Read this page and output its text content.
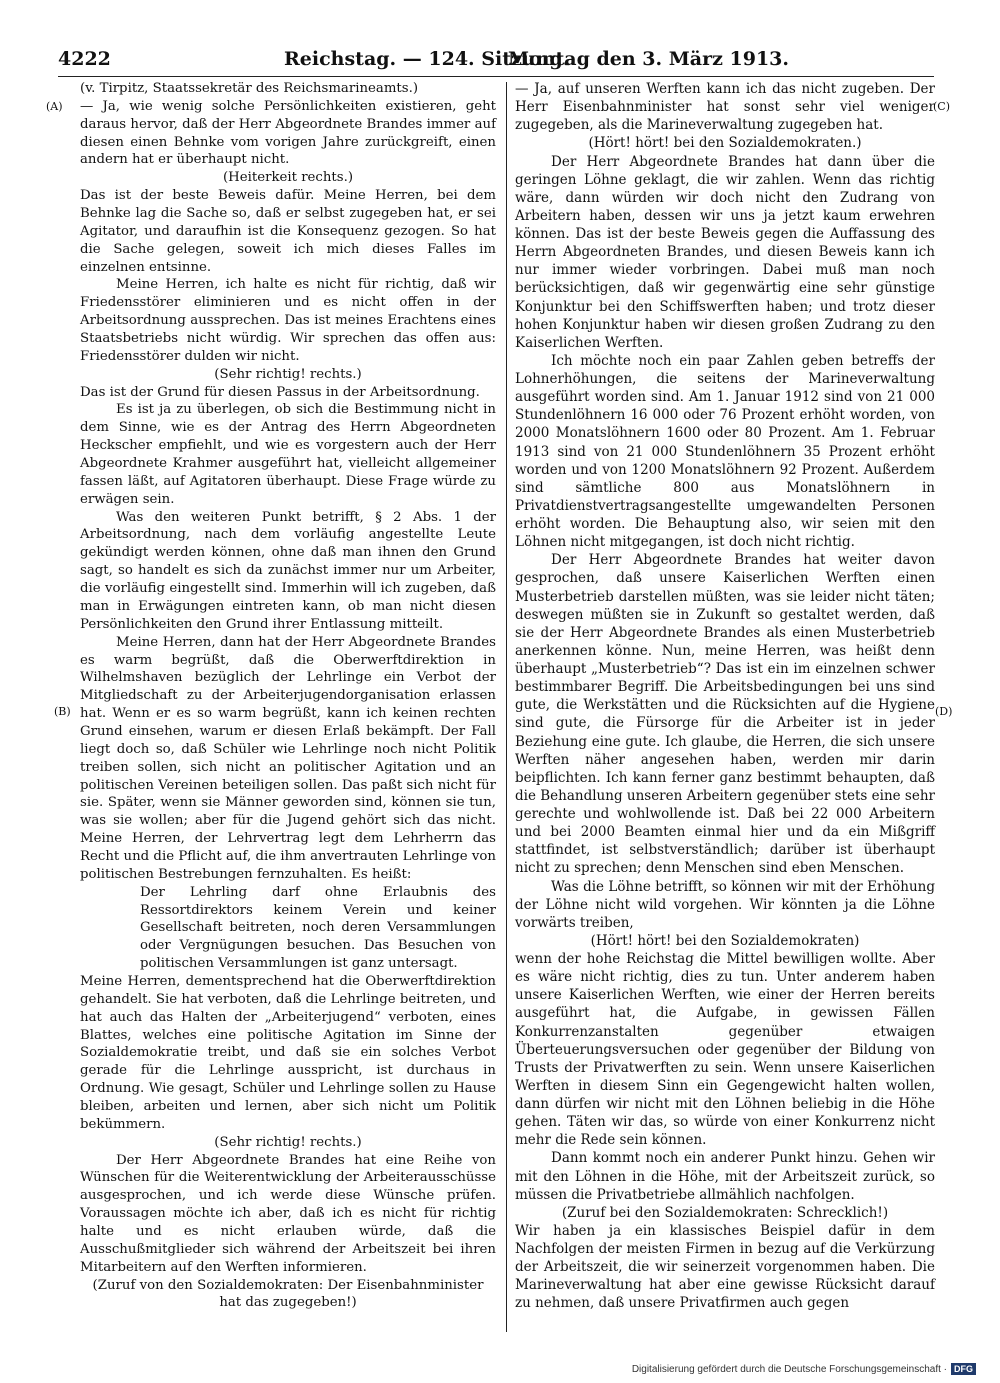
4222	Reichstag. — 124. Sitzung.
Montag den 3. März 1913.
(A)
(B)
(C)
(D)

(v. Tirpitz, Staatssekretär des Reichsmarineamts.)

— Ja, wie wenig solche Persönlichkeiten existieren, geht daraus hervor, daß der Herr Abgeordnete Brandes immer auf diesen einen Behnke vom vorigen Jahre zurückgreift, einen andern hat er überhaupt nicht.

(Heiterkeit rechts.)

Das ist der beste Beweis dafür. Meine Herren, bei dem Behnke lag die Sache so, daß er selbst zugegeben hat, er sei Agitator, und daraufhin ist die Konsequenz gezogen. So hat die Sache gelegen, soweit ich mich dieses Falles im einzelnen entsinne.

Meine Herren, ich halte es nicht für richtig, daß wir Friedensstörer eliminieren und es nicht offen in der Arbeitsordnung aussprechen. Das ist meines Erachtens eines Staatsbetriebs nicht würdig. Wir sprechen das offen aus: Friedensstörer dulden wir nicht.

(Sehr richtig! rechts.)

Das ist der Grund für diesen Passus in der Arbeitsordnung.

Es ist ja zu überlegen, ob sich die Bestimmung nicht in dem Sinne, wie es der Antrag des Herrn Abgeordneten Heckscher empfiehlt, und wie es vorgestern auch der Herr Abgeordnete Krahmer ausgeführt hat, vielleicht allgemeiner fassen läßt, auf Agitatoren überhaupt. Diese Frage würde zu erwägen sein.

Was den weiteren Punkt betrifft, § 2 Abs. 1 der Arbeitsordnung, nach dem vorläufig angestellte Leute gekündigt werden können, ohne daß man ihnen den Grund sagt, so handelt es sich da zunächst immer nur um Arbeiter, die vorläufig eingestellt sind. Immerhin will ich zugeben, daß man in Erwägungen eintreten kann, ob man nicht diesen Persönlichkeiten den Grund ihrer Entlassung mitteilt.

Meine Herren, dann hat der Herr Abgeordnete Brandes es warm begrüßt, daß die Oberwerftdirektion in Wilhelmshaven bezüglich der Lehrlinge ein Verbot der Mitgliedschaft zu der Arbeiterjugendorganisation erlassen hat. Wenn er es so warm begrüßt, kann ich keinen rechten Grund einsehen, warum er diesen Erlaß bekämpft. Der Fall liegt doch so, daß Schüler wie Lehrlinge noch nicht Politik treiben sollen, sich nicht an politischer Agitation und an politischen Vereinen beteiligen sollen. Das paßt sich nicht für sie. Später, wenn sie Männer geworden sind, können sie tun, was sie wollen; aber für die Jugend gehört sich das nicht. Meine Herren, der Lehrvertrag legt dem Lehrherrn das Recht und die Pflicht auf, die ihm anvertrauten Lehrlinge von politischen Bestrebungen fernzuhalten. Es heißt:

Der Lehrling darf ohne Erlaubnis des Ressortdirektors keinem Verein und keiner Gesellschaft beitreten, noch deren Versammlungen oder Vergnügungen besuchen. Das Besuchen von politischen Versammlungen ist ganz untersagt.

Meine Herren, dementsprechend hat die Oberwerftdirektion gehandelt. Sie hat verboten, daß die Lehrlinge beitreten, und hat auch das Halten der „Arbeiterjugend“ verboten, eines Blattes, welches eine politische Agitation im Sinne der Sozialdemokratie treibt, und daß sie ein solches Verbot gerade für die Lehrlinge ausspricht, ist durchaus in Ordnung. Wie gesagt, Schüler und Lehrlinge sollen zu Hause bleiben, arbeiten und lernen, aber sich nicht um Politik bekümmern.

(Sehr richtig! rechts.)

Der Herr Abgeordnete Brandes hat eine Reihe von Wünschen für die Weiterentwicklung der Arbeiterausschüsse ausgesprochen, und ich werde diese Wünsche prüfen. Voraussagen möchte ich aber, daß ich es nicht für richtig halte und es nicht erlauben würde, daß die Ausschußmitglieder sich während der Arbeitszeit bei ihren Mitarbeitern auf den Werften informieren.

(Zuruf von den Sozialdemokraten: Der Eisenbahnminister hat das zugegeben!)

— Ja, auf unseren Werften kann ich das nicht zugeben. Der Herr Eisenbahnminister hat sonst sehr viel weniger zugegeben, als die Marineverwaltung zugegeben hat.

(Hört! hört! bei den Sozialdemokraten.)

Der Herr Abgeordnete Brandes hat dann über die geringen Löhne geklagt, die wir zahlen. Wenn das richtig wäre, dann würden wir doch nicht den Zudrang von Arbeitern haben, dessen wir uns ja jetzt kaum erwehren können. Das ist der beste Beweis gegen die Auffassung des Herrn Abgeordneten Brandes, und diesen Beweis kann ich nur immer wieder vorbringen. Dabei muß man noch berücksichtigen, daß wir gegenwärtig eine sehr günstige Konjunktur bei den Schiffswerften haben; und trotz dieser hohen Konjunktur haben wir diesen großen Zudrang zu den Kaiserlichen Werften.

Ich möchte noch ein paar Zahlen geben betreffs der Lohnerhöhungen, die seitens der Marineverwaltung ausgeführt worden sind. Am 1. Januar 1912 sind von 21 000 Stundenlöhnern 16 000 oder 76 Prozent erhöht worden, von 2000 Monatslöhnern 1600 oder 80 Prozent. Am 1. Februar 1913 sind von 21 000 Stundenlöhnern 35 Prozent erhöht worden und von 1200 Monatslöhnern 92 Prozent. Außerdem sind sämtliche 800 aus Monatslöhnern in Privatdienstvertragsangestellte umgewandelten Personen erhöht worden. Die Behauptung also, wir seien mit den Löhnen nicht mitgegangen, ist doch nicht richtig.

Der Herr Abgeordnete Brandes hat weiter davon gesprochen, daß unsere Kaiserlichen Werften einen Musterbetrieb darstellen müßten, was sie leider nicht täten; deswegen müßten sie in Zukunft so gestaltet werden, daß sie der Herr Abgeordnete Brandes als einen Musterbetrieb anerkennen könne. Nun, meine Herren, was heißt denn überhaupt „Musterbetrieb“? Das ist ein im einzelnen schwer bestimmbarer Begriff. Die Arbeitsbedingungen bei uns sind gute, die Werkstätten und die Rücksichten auf die Hygiene sind gute, die Fürsorge für die Arbeiter ist in jeder Beziehung eine gute. Ich glaube, die Herren, die sich unsere Werften näher angesehen haben, werden mir darin beipflichten. Ich kann ferner ganz bestimmt behaupten, daß die Behandlung unseren Arbeitern gegenüber stets eine sehr gerechte und wohlwollende ist. Daß bei 22 000 Arbeitern und bei 2000 Beamten einmal hier und da ein Mißgriff stattfindet, ist selbstverständlich; darüber ist überhaupt nicht zu sprechen; denn Menschen sind eben Menschen.

Was die Löhne betrifft, so können wir mit der Erhöhung der Löhne nicht wild vorgehen. Wir könnten ja die Löhne vorwärts treiben,

(Hört! hört! bei den Sozialdemokraten)

wenn der hohe Reichstag die Mittel bewilligen wollte. Aber es wäre nicht richtig, dies zu tun. Unter anderem haben unsere Kaiserlichen Werften, wie einer der Herren bereits ausgeführt hat, die Aufgabe, in gewissen Fällen Konkurrenzanstalten gegenüber etwaigen Überteuerungsversuchen oder gegenüber der Bildung von Trusts der Privatwerften zu sein. Wenn unsere Kaiserlichen Werften in diesem Sinn ein Gegengewicht halten wollen, dann dürfen wir nicht mit den Löhnen beliebig in die Höhe gehen. Täten wir das, so würde von einer Konkurrenz nicht mehr die Rede sein können.

Dann kommt noch ein anderer Punkt hinzu. Gehen wir mit den Löhnen in die Höhe, mit der Arbeitszeit zurück, so müssen die Privatbetriebe allmählich nachfolgen.

(Zuruf bei den Sozialdemokraten: Schrecklich!)

Wir haben ja ein klassisches Beispiel dafür in dem Nachfolgen der meisten Firmen in bezug auf die Verkürzung der Arbeitszeit, die wir seinerzeit vorgenommen haben. Die Marineverwaltung hat aber eine gewisse Rücksicht darauf zu nehmen, daß unsere Privatfirmen auch gegen

Digitalisierung gefördert durch die Deutsche Forschungsgemeinschaft · DFG
